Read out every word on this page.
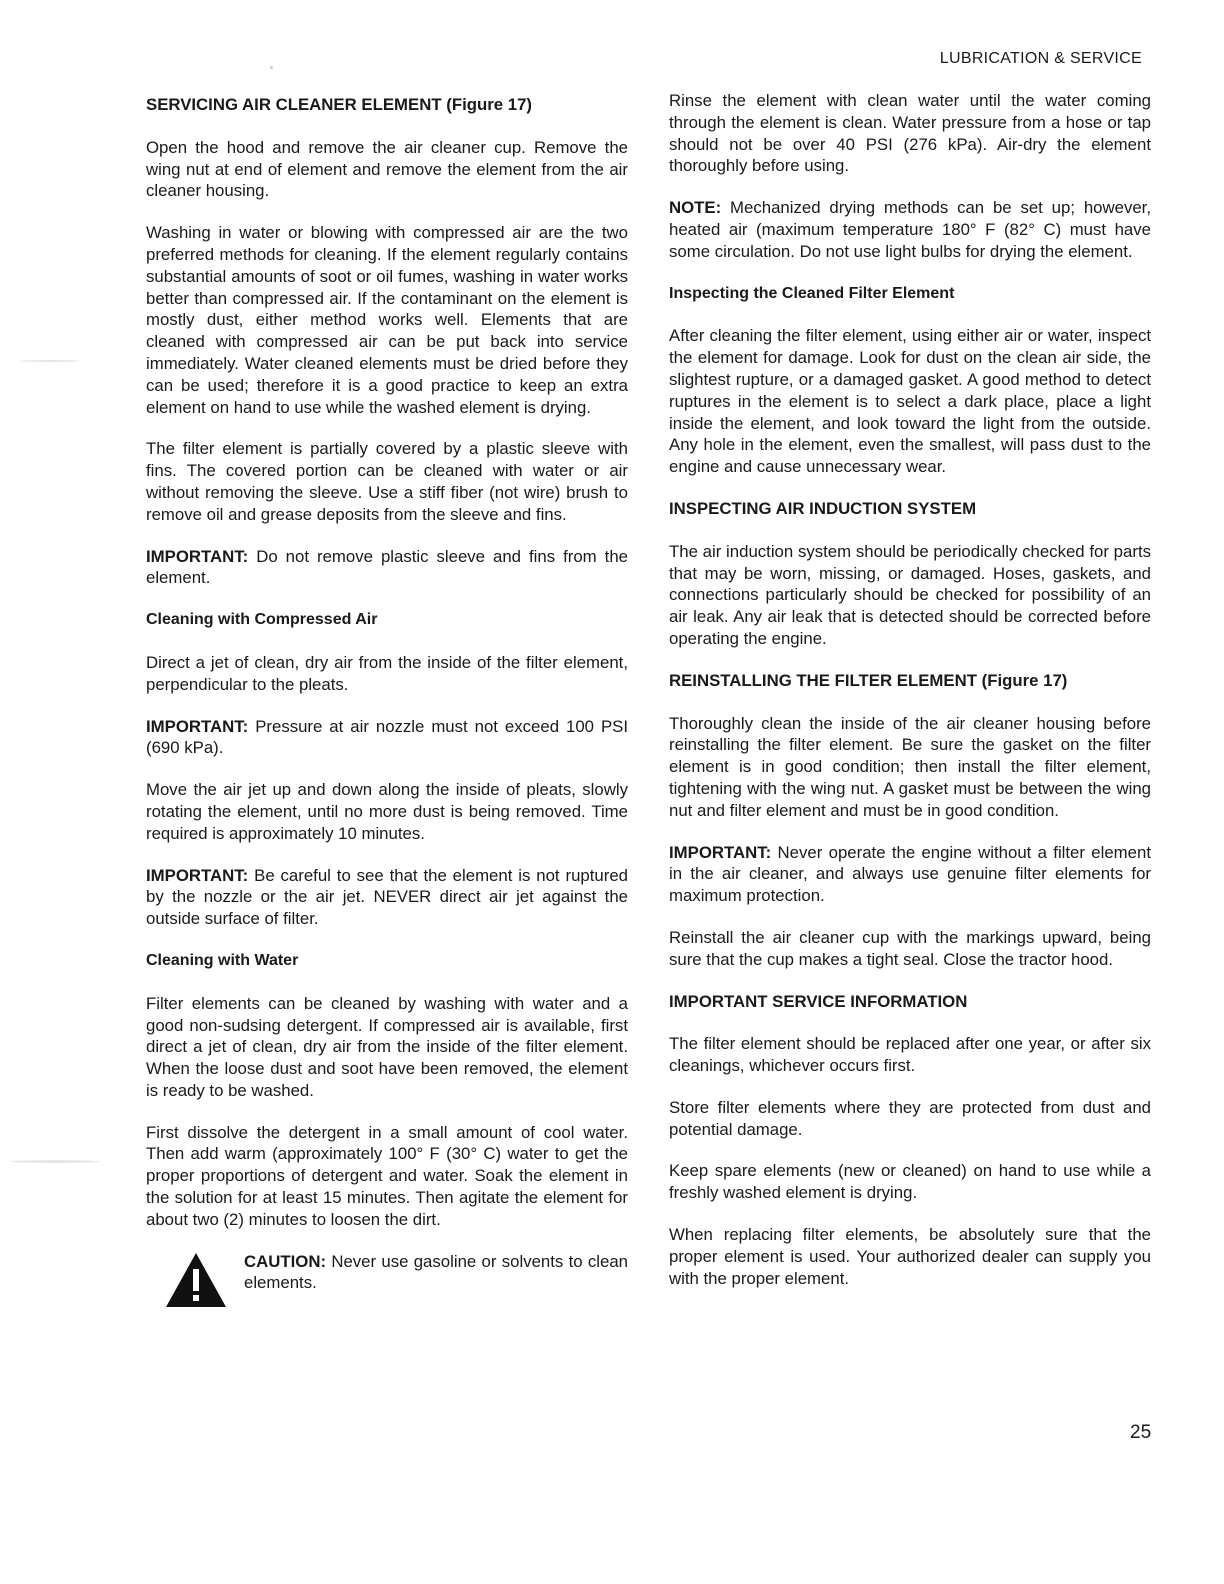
LUBRICATION & SERVICE
SERVICING AIR CLEANER ELEMENT (Figure 17)

Open the hood and remove the air cleaner cup. Remove the wing nut at end of element and remove the element from the air cleaner housing.

Washing in water or blowing with compressed air are the two preferred methods for cleaning. If the element regularly contains substantial amounts of soot or oil fumes, washing in water works better than compressed air. If the contaminant on the element is mostly dust, either method works well. Elements that are cleaned with compressed air can be put back into service immediately. Water cleaned elements must be dried before they can be used; therefore it is a good practice to keep an extra element on hand to use while the washed element is drying.

The filter element is partially covered by a plastic sleeve with fins. The covered portion can be cleaned with water or air without removing the sleeve. Use a stiff fiber (not wire) brush to remove oil and grease deposits from the sleeve and fins.

IMPORTANT: Do not remove plastic sleeve and fins from the element.

Cleaning with Compressed Air

Direct a jet of clean, dry air from the inside of the filter element, perpendicular to the pleats.

IMPORTANT: Pressure at air nozzle must not exceed 100 PSI (690 kPa).

Move the air jet up and down along the inside of pleats, slowly rotating the element, until no more dust is being removed. Time required is approximately 10 minutes.

IMPORTANT: Be careful to see that the element is not ruptured by the nozzle or the air jet. NEVER direct air jet against the outside surface of filter.

Cleaning with Water

Filter elements can be cleaned by washing with water and a good non-sudsing detergent. If compressed air is available, first direct a jet of clean, dry air from the inside of the filter element. When the loose dust and soot have been removed, the element is ready to be washed.

First dissolve the detergent in a small amount of cool water. Then add warm (approximately 100° F (30° C) water to get the proper proportions of detergent and water. Soak the element in the solution for at least 15 minutes. Then agitate the element for about two (2) minutes to loosen the dirt.

CAUTION: Never use gasoline or solvents to clean elements.

Rinse the element with clean water until the water coming through the element is clean. Water pressure from a hose or tap should not be over 40 PSI (276 kPa). Air-dry the element thoroughly before using.

NOTE: Mechanized drying methods can be set up; however, heated air (maximum temperature 180° F (82° C) must have some circulation. Do not use light bulbs for drying the element.

Inspecting the Cleaned Filter Element

After cleaning the filter element, using either air or water, inspect the element for damage. Look for dust on the clean air side, the slightest rupture, or a damaged gasket. A good method to detect ruptures in the element is to select a dark place, place a light inside the element, and look toward the light from the outside. Any hole in the element, even the smallest, will pass dust to the engine and cause unnecessary wear.

INSPECTING AIR INDUCTION SYSTEM

The air induction system should be periodically checked for parts that may be worn, missing, or damaged. Hoses, gaskets, and connections particularly should be checked for possibility of an air leak. Any air leak that is detected should be corrected before operating the engine.

REINSTALLING THE FILTER ELEMENT (Figure 17)

Thoroughly clean the inside of the air cleaner housing before reinstalling the filter element. Be sure the gasket on the filter element is in good condition; then install the filter element, tightening with the wing nut. A gasket must be between the wing nut and filter element and must be in good condition.

IMPORTANT: Never operate the engine without a filter element in the air cleaner, and always use genuine filter elements for maximum protection.

Reinstall the air cleaner cup with the markings upward, being sure that the cup makes a tight seal. Close the tractor hood.

IMPORTANT SERVICE INFORMATION

The filter element should be replaced after one year, or after six cleanings, whichever occurs first.

Store filter elements where they are protected from dust and potential damage.

Keep spare elements (new or cleaned) on hand to use while a freshly washed element is drying.

When replacing filter elements, be absolutely sure that the proper element is used. Your authorized dealer can supply you with the proper element.

25
